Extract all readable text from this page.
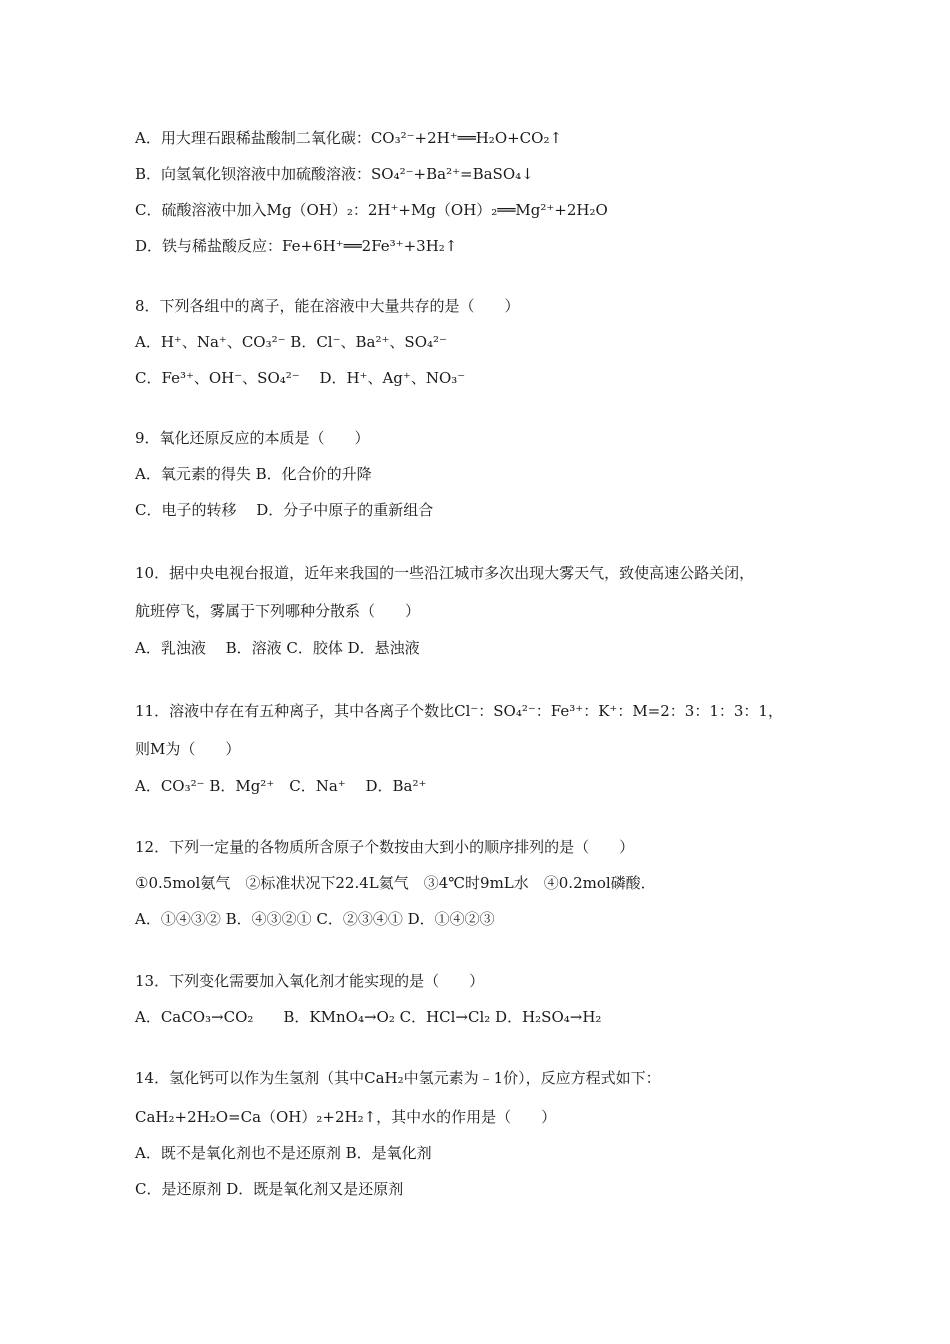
A．用大理石跟稀盐酸制二氧化碳：CO₃²⁻+2H⁺══H₂O+CO₂↑
B．向氢氧化钡溶液中加硫酸溶液：SO₄²⁻+Ba²⁺=BaSO₄↓
C．硫酸溶液中加入Mg（OH）₂：2H⁺+Mg（OH）₂══Mg²⁺+2H₂O
D．铁与稀盐酸反应：Fe+6H⁺══2Fe³⁺+3H₂↑
8．下列各组中的离子，能在溶液中大量共存的是（　　）
A．H⁺、Na⁺、CO₃²⁻ B．Cl⁻、Ba²⁺、SO₄²⁻
C．Fe³⁺、OH⁻、SO₄²⁻　 D．H⁺、Ag⁺、NO₃⁻
9．氧化还原反应的本质是（　　）
A．氧元素的得失 B．化合价的升降
C．电子的转移　 D．分子中原子的重新组合
10．据中央电视台报道，近年来我国的一些沿江城市多次出现大雾天气，致使高速公路关闭，
航班停飞，雾属于下列哪种分散系（　　）
A．乳浊液　 B．溶液 C．胶体 D．悬浊液
11．溶液中存在有五种离子，其中各离子个数比Cl⁻：SO₄²⁻：Fe³⁺：K⁺：M=2：3：1：3：1，
则M为（　　）
A．CO₃²⁻ B．Mg²⁺　C．Na⁺　 D．Ba²⁺
12．下列一定量的各物质所含原子个数按由大到小的顺序排列的是（　　）
①0.5mol氨气　②标准状况下22.4L氦气　③4℃时9mL水　④0.2mol磷酸．
A．①④③② B．④③②① C．②③④① D．①④②③
13．下列变化需要加入氧化剂才能实现的是（　　）
A．CaCO₃→CO₂　　B．KMnO₄→O₂ C．HCl→Cl₂ D．H₂SO₄→H₂
14．氢化钙可以作为生氢剂（其中CaH₂中氢元素为﹣1价），反应方程式如下：
CaH₂+2H₂O=Ca（OH）₂+2H₂↑，其中水的作用是（　　）
A．既不是氧化剂也不是还原剂 B．是氧化剂
C．是还原剂 D．既是氧化剂又是还原剂
